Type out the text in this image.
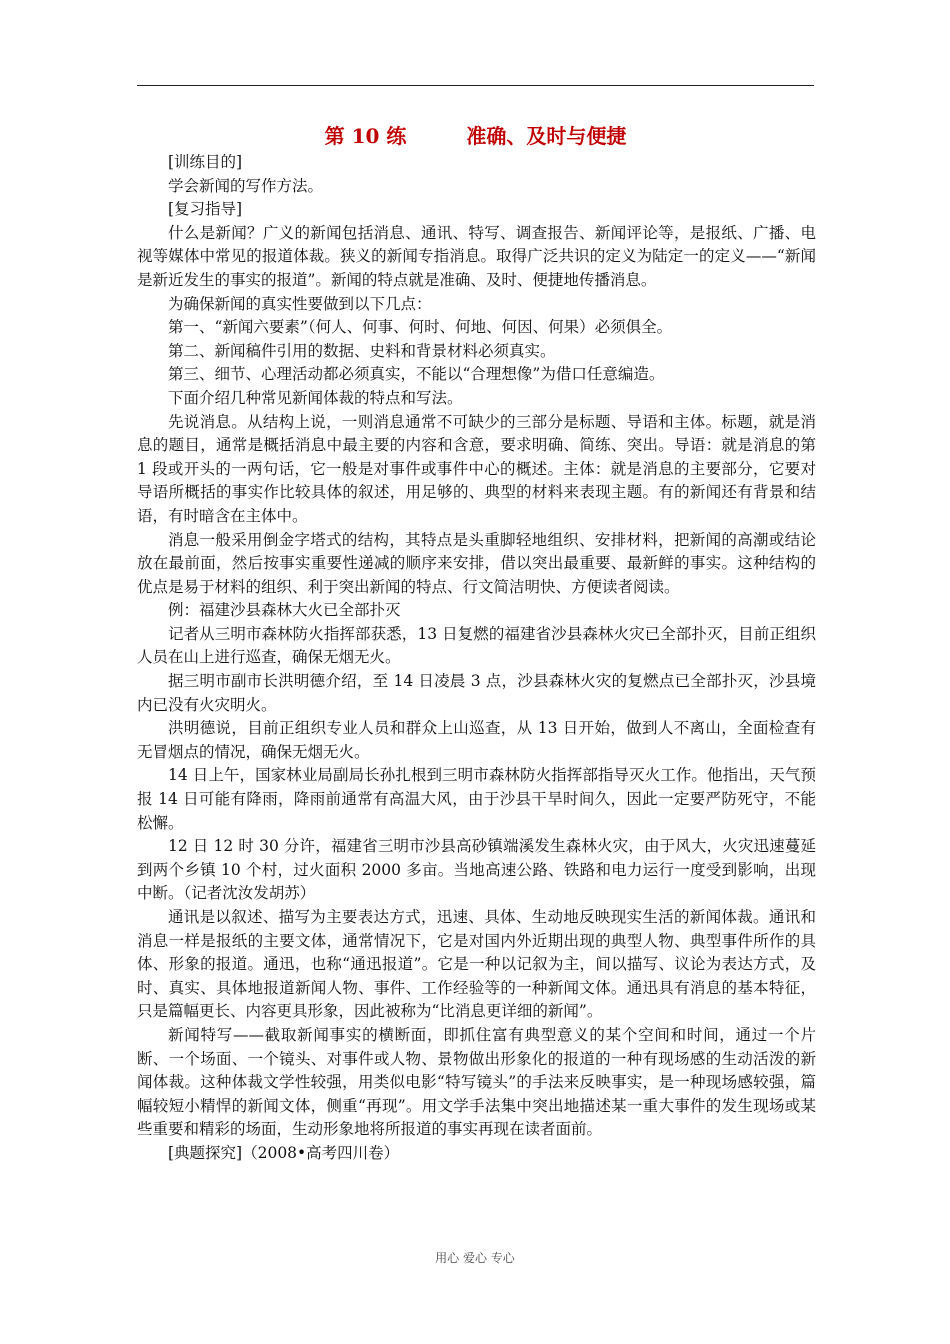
第 10 练　　　准确、及时与便捷

[训练目的]

学会新闻的写作方法。

[复习指导]

什么是新闻？广义的新闻包括消息、通讯、特写、调查报告、新闻评论等，是报纸、广播、电视等媒体中常见的报道体裁。狭义的新闻专指消息。取得广泛共识的定义为陆定一的定义——“新闻是新近发生的事实的报道”。新闻的特点就是准确、及时、便捷地传播消息。

为确保新闻的真实性要做到以下几点：

第一、“新闻六要素”（何人、何事、何时、何地、何因、何果）必须俱全。

第二、新闻稿件引用的数据、史料和背景材料必须真实。

第三、细节、心理活动都必须真实，不能以“合理想像”为借口任意编造。

下面介绍几种常见新闻体裁的特点和写法。

先说消息。从结构上说，一则消息通常不可缺少的三部分是标题、导语和主体。标题，就是消息的题目，通常是概括消息中最主要的内容和含意，要求明确、简练、突出。导语：就是消息的第 1 段或开头的一两句话，它一般是对事件或事件中心的概述。主体：就是消息的主要部分，它要对导语所概括的事实作比较具体的叙述，用足够的、典型的材料来表现主题。有的新闻还有背景和结语，有时暗含在主体中。

消息一般采用倒金字塔式的结构，其特点是头重脚轻地组织、安排材料，把新闻的高潮或结论放在最前面，然后按事实重要性递减的顺序来安排，借以突出最重要、最新鲜的事实。这种结构的优点是易于材料的组织、利于突出新闻的特点、行文简洁明快、方便读者阅读。

例：福建沙县森林大火已全部扑灭

记者从三明市森林防火指挥部获悉，13 日复燃的福建省沙县森林火灾已全部扑灭，目前正组织人员在山上进行巡查，确保无烟无火。

据三明市副市长洪明德介绍，至 14 日凌晨 3 点，沙县森林火灾的复燃点已全部扑灭，沙县境内已没有火灾明火。

洪明德说，目前正组织专业人员和群众上山巡查，从 13 日开始，做到人不离山，全面检查有无冒烟点的情况，确保无烟无火。

14 日上午，国家林业局副局长孙扎根到三明市森林防火指挥部指导灭火工作。他指出，天气预报 14 日可能有降雨，降雨前通常有高温大风，由于沙县干旱时间久，因此一定要严防死守，不能松懈。

12 日 12 时 30 分许，福建省三明市沙县高砂镇端溪发生森林火灾，由于风大，火灾迅速蔓延到两个乡镇 10 个村，过火面积 2000 多亩。当地高速公路、铁路和电力运行一度受到影响，出现中断。（记者沈汝发胡苏）

通讯是以叙述、描写为主要表达方式，迅速、具体、生动地反映现实生活的新闻体裁。通讯和消息一样是报纸的主要文体，通常情况下，它是对国内外近期出现的典型人物、典型事件所作的具体、形象的报道。通迅，也称“通迅报道”。它是一种以记叙为主，间以描写、议论为表达方式，及时、真实、具体地报道新闻人物、事件、工作经验等的一种新闻文体。通迅具有消息的基本特征，只是篇幅更长、内容更具形象，因此被称为“比消息更详细的新闻”。

新闻特写——截取新闻事实的横断面，即抓住富有典型意义的某个空间和时间，通过一个片断、一个场面、一个镜头、对事件或人物、景物做出形象化的报道的一种有现场感的生动活泼的新闻体裁。这种体裁文学性较强，用类似电影“特写镜头”的手法来反映事实，是一种现场感较强，篇幅较短小精悍的新闻文体，侧重“再现”。用文学手法集中突出地描述某一重大事件的发生现场或某些重要和精彩的场面，生动形象地将所报道的事实再现在读者面前。

[典题探究]（2008•高考四川卷）

用心 爱心 专心
